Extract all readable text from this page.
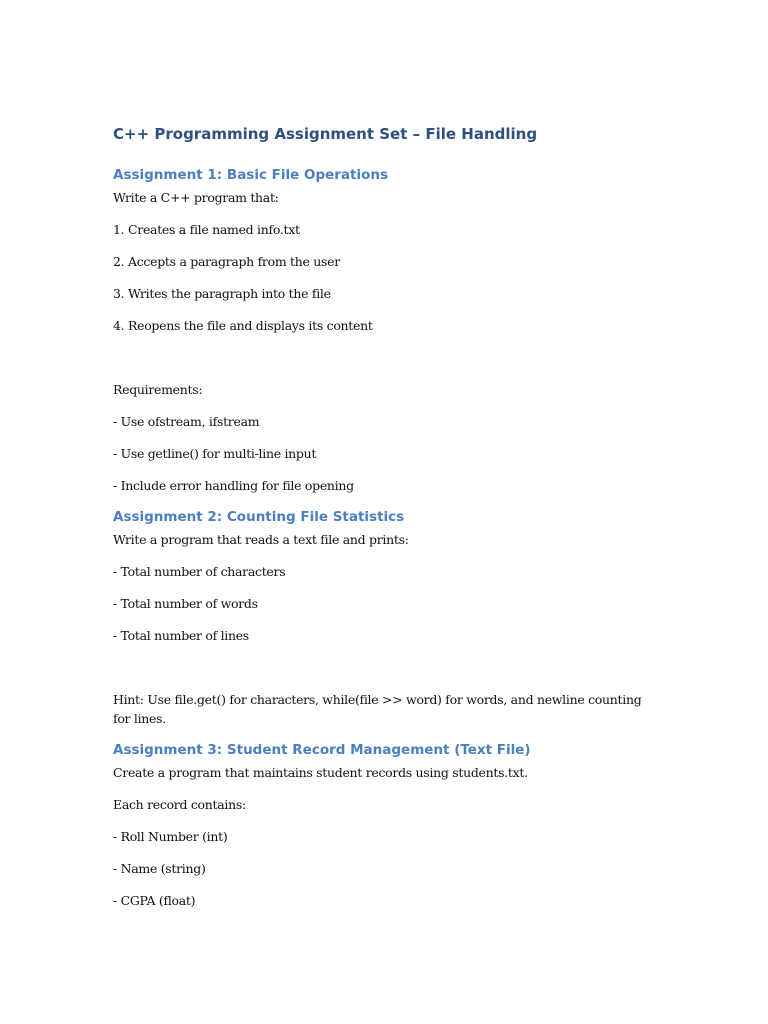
C++ Programming Assignment Set – File Handling
Assignment 1: Basic File Operations

Write a C++ program that:

1. Creates a file named info.txt
2. Accepts a paragraph from the user
3. Writes the paragraph into the file
4. Reopens the file and displays its content

Requirements:

- Use ofstream, ifstream
- Use getline() for multi-line input
- Include error handling for file opening
Assignment 2: Counting File Statistics

Write a program that reads a text file and prints:

- Total number of characters
- Total number of words
- Total number of lines

Hint: Use file.get() for characters, while(file >> word) for words, and newline counting for lines.

Assignment 3: Student Record Management (Text File)

Create a program that maintains student records using students.txt.

Each record contains:

- Roll Number (int)
- Name (string)
- CGPA (float)
